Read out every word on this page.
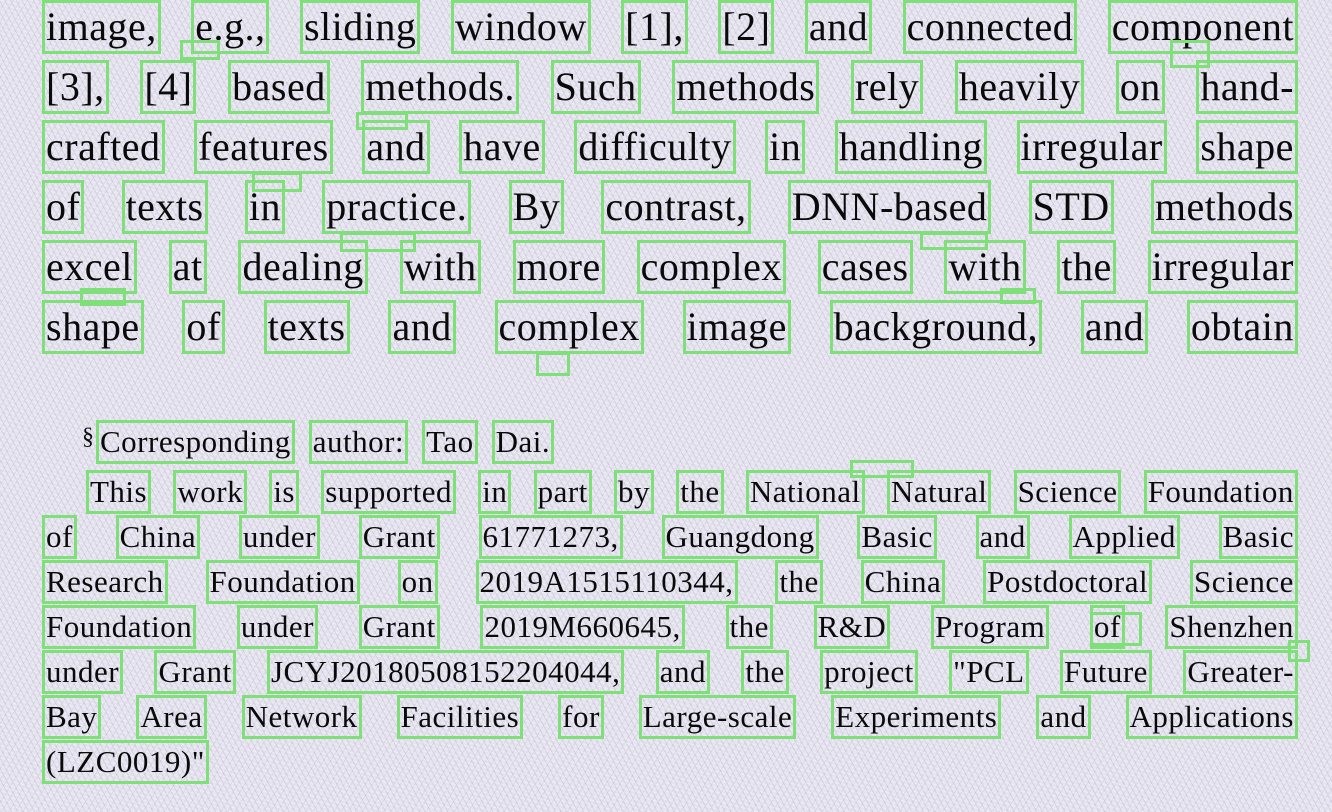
image, e.g., sliding window [1], [2] and connected component
[3], [4] based methods. Such methods rely heavily on hand-
crafted features and have difficulty in handling irregular shape
of texts in practice. By contrast, DNN-based STD methods
excel at dealing with more complex cases with the irregular
shape of texts and complex image background, and obtain
§ Corresponding author: Tao Dai.
This work is supported in part by the National Natural Science Foundation
of China under Grant 61771273, Guangdong Basic and Applied Basic
Research Foundation on 2019A1515110344, the China Postdoctoral Science
Foundation under Grant 2019M660645, the R&D Program of Shenzhen
under Grant JCYJ20180508152204044, and the project "PCL Future Greater-
Bay Area Network Facilities for Large-scale Experiments and Applications
(LZC0019)"
